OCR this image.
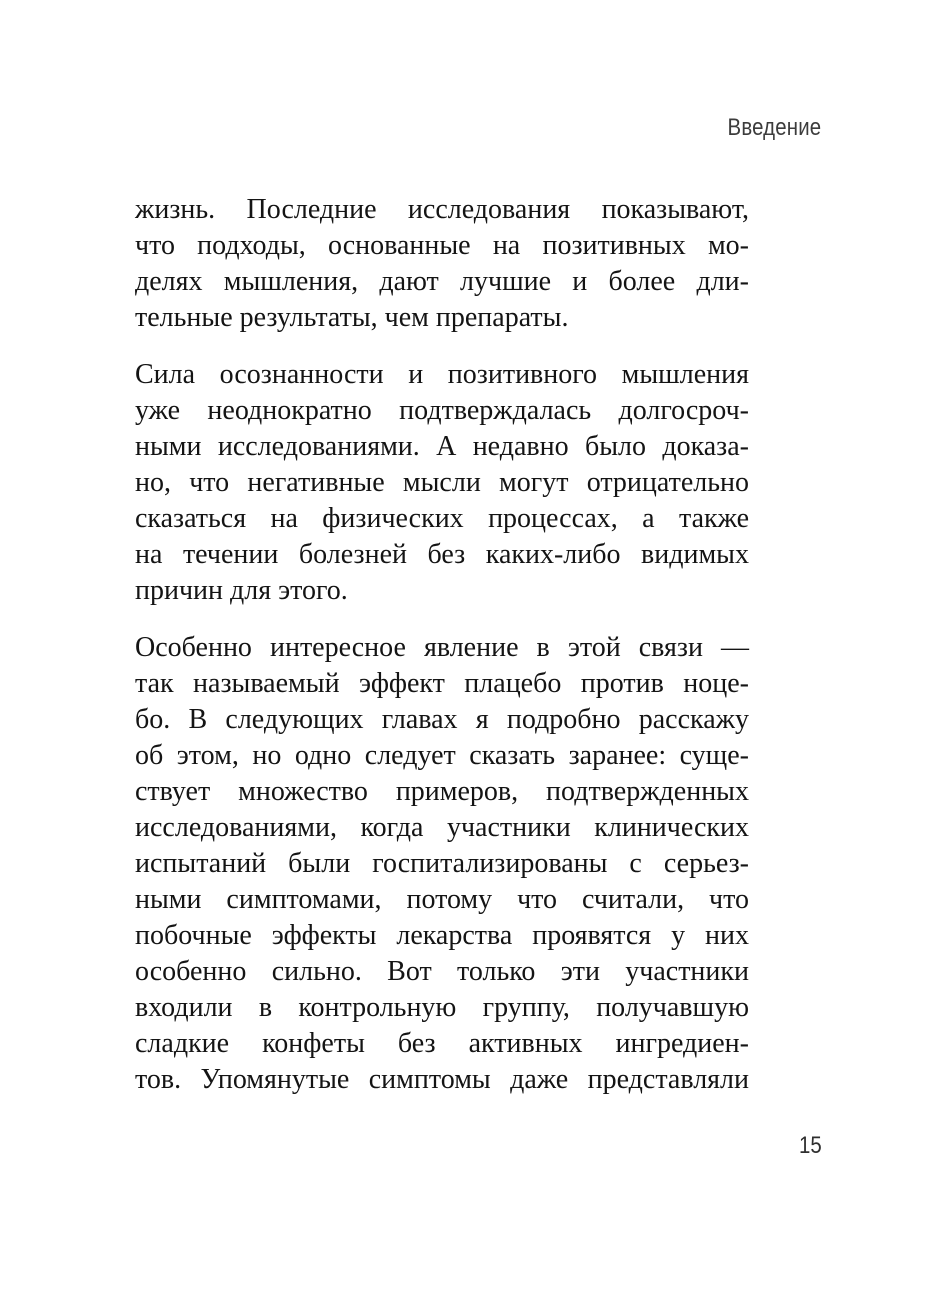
Введение
жизнь. Последние исследования показывают,
что подходы, основанные на позитивных мо-
делях мышления, дают лучшие и более дли-
тельные результаты, чем препараты.
Сила осознанности и позитивного мышления
уже неоднократно подтверждалась долгосроч-
ными исследованиями. А недавно было доказа-
но, что негативные мысли могут отрицательно
сказаться на физических процессах, а также
на течении болезней без каких-либо видимых
причин для этого.
Особенно интересное явление в этой связи —
так называемый эффект плацебо против ноце-
бо. В следующих главах я подробно расскажу
об этом, но одно следует сказать заранее: суще-
ствует множество примеров, подтвержденных
исследованиями, когда участники клинических
испытаний были госпитализированы с серьез-
ными симптомами, потому что считали, что
побочные эффекты лекарства проявятся у них
особенно сильно. Вот только эти участники
входили в контрольную группу, получавшую
сладкие конфеты без активных ингредиен-
тов. Упомянутые симптомы даже представляли
15
